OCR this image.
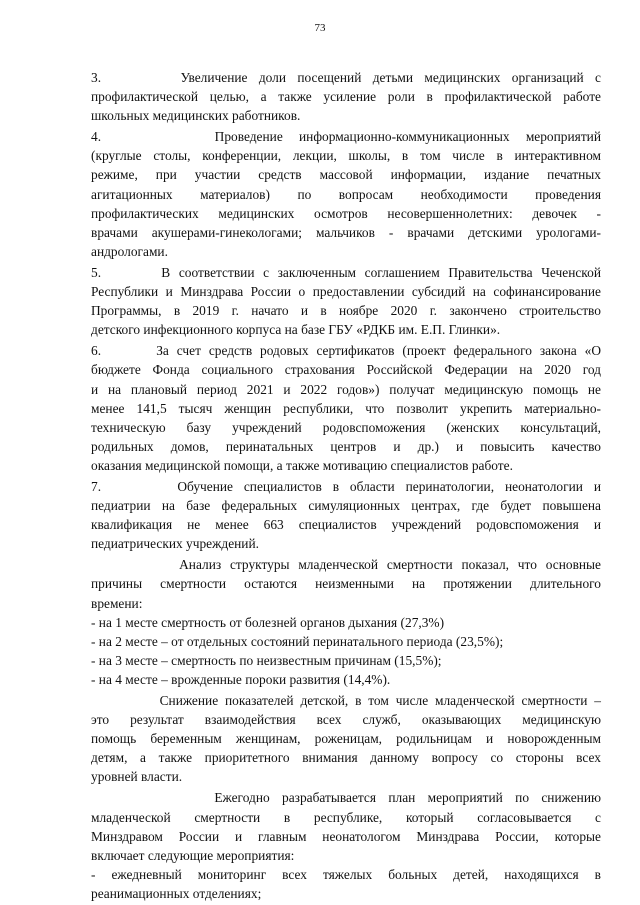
73
3.       Увеличение доли посещений детьми медицинских организаций с
профилактической целью, а также усиление роли в профилактической работе
школьных медицинских работников.
4.       Проведение информационно-коммуникационных мероприятий
(круглые столы, конференции, лекции, школы, в том числе в интерактивном
режиме, при участии средств массовой информации, издание печатных
агитационных материалов) по вопросам необходимости проведения
профилактических медицинских осмотров несовершеннолетних: девочек -
врачами акушерами-гинекологами; мальчиков - врачами детскими урологами-
андрологами.
5.       В соответствии с заключенным соглашением Правительства Чеченской
Республики и Минздрава России о предоставлении субсидий на софинансирование
Программы, в 2019 г. начато и в ноябре 2020 г. закончено строительство
детского инфекционного корпуса на базе ГБУ «РДКБ им. Е.П. Глинки».
6.       За счет средств родовых сертификатов (проект федерального закона «О
бюджете Фонда социального страхования Российской Федерации на 2020 год
и на плановый период 2021 и 2022 годов») получат медицинскую помощь не
менее 141,5 тысяч женщин республики, что позволит укрепить материально-
техническую базу учреждений родовспоможения (женских консультаций,
родильных домов, перинатальных центров и др.) и повысить качество
оказания медицинской помощи, а также мотивацию специалистов работе.
7.       Обучение специалистов в области перинатологии, неонатологии и
педиатрии на базе федеральных симуляционных центрах, где будет повышена
квалификация не менее 663 специалистов учреждений родовспоможения и
педиатрических учреждений.
Анализ структуры младенческой смертности показал, что основные
причины смертности остаются неизменными на протяжении длительного
времени:
- на 1 месте смертность от болезней органов дыхания (27,3%)
- на 2 месте – от отдельных состояний перинатального периода (23,5%);
- на 3 месте – смертность по неизвестным причинам (15,5%);
- на 4 месте – врожденные пороки развития (14,4%).
Снижение показателей детской, в том числе младенческой смертности –
это результат взаимодействия всех служб, оказывающих медицинскую
помощь беременным женщинам, роженицам, родильницам и новорожденным
детям, а также приоритетного внимания данному вопросу со стороны всех
уровней власти.
Ежегодно разрабатывается план мероприятий по снижению
младенческой смертности в республике, который согласовывается с
Минздравом России и главным неонатологом Минздрава России, которые
включает следующие мероприятия:
- ежедневный мониторинг всех тяжелых больных детей, находящихся в
реанимационных отделениях;
